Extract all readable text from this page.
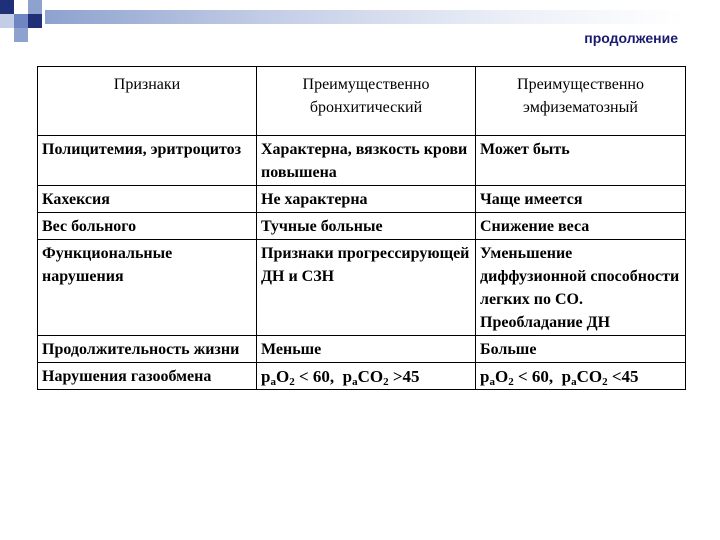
продолжение
Признаки	Преимущественно бронхитический	Преимущественно эмфизематозный
Полицитемия, эритроцитоз	Характерна, вязкость крови повышена	Может быть
Кахексия	Не характерна	Чаще имеется
Вес больного	Тучные больные	Снижение веса
Функциональные нарушения	Признаки прогрессирующей ДН и СЗН	Уменьшение диффузионной способности легких по СО. Преобладание ДН
Продолжительность жизни	Меньше	Больше
Нарушения газообмена	$p_aO_2 < 60$, $p_aCO_2 >45$	$p_aO_2 < 60$, $p_aCO_2 <45$
